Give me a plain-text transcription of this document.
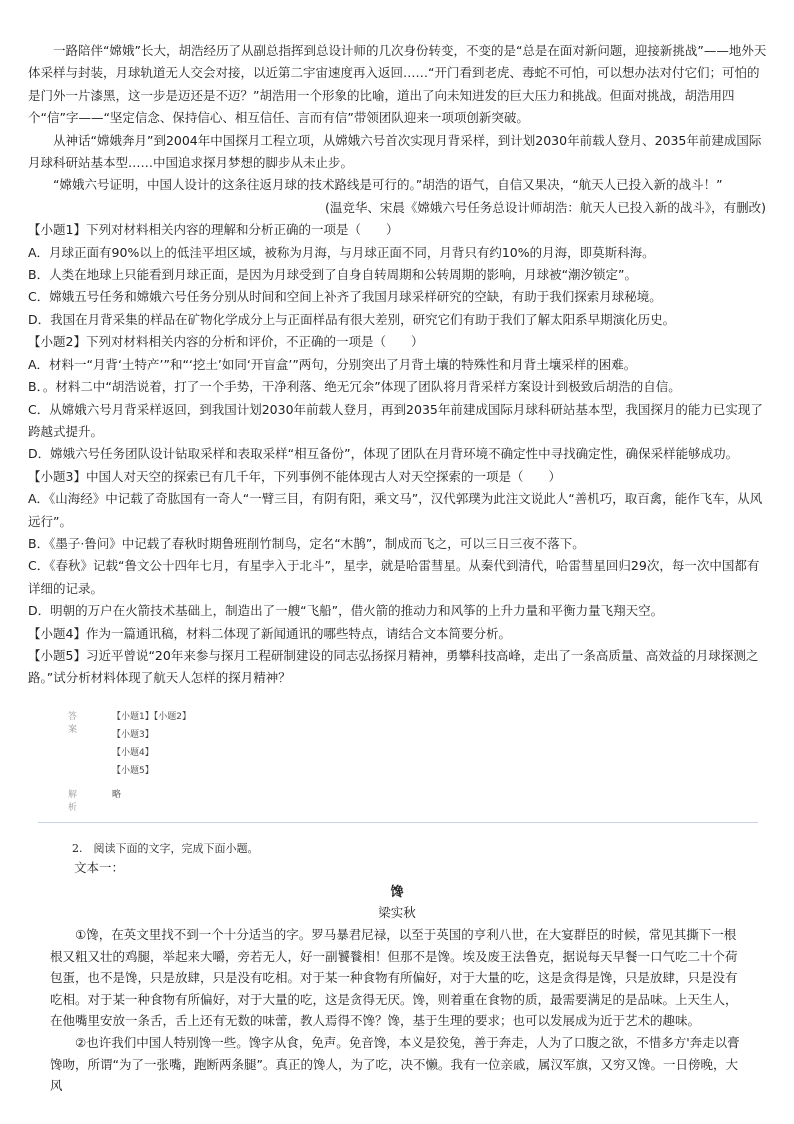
一路陪伴“嫦娥”长大，胡浩经历了从副总指挥到总设计师的几次身份转变，不变的是“总是在面对新问题，迎接新挑战”——地外天体采样与封装，月球轨道无人交会对接，以近第二宇宙速度再入返回……“开门看到老虎、毒蛇不可怕，可以想办法对付它们；可怕的是门外一片漆黑，这一步是迈还是不迈？”胡浩用一个形象的比喻，道出了向未知进发的巨大压力和挑战。但面对挑战，胡浩用四个“信”字——“坚定信念、保持信心、相互信任、言而有信”带领团队迎来一项项创新突破。

从神话“嫦娥奔月”到2004年中国探月工程立项，从嫦娥六号首次实现月背采样，到计划2030年前载人登月、2035年前建成国际月球科研站基本型……中国追求探月梦想的脚步从未止步。

“嫦娥六号证明，中国人设计的这条往返月球的技术路线是可行的。”胡浩的语气，自信又果决，“航天人已投入新的战斗！”

(温竞华、宋晨《嫦娥六号任务总设计师胡浩：航天人已投入新的战斗》，有删改)

【小题1】下列对材料相关内容的理解和分析正确的一项是（　　）

A．月球正面有90%以上的低洼平坦区域，被称为月海，与月球正面不同，月背只有约10%的月海，即莫斯科海。

B．人类在地球上只能看到月球正面，是因为月球受到了自身自转周期和公转周期的影响，月球被“潮汐锁定”。

C．嫦娥五号任务和嫦娥六号任务分别从时间和空间上补齐了我国月球采样研究的空缺，有助于我们探索月球秘境。

D．我国在月背采集的样品在矿物化学成分上与正面样品有很大差别，研究它们有助于我们了解太阳系早期演化历史。

【小题2】下列对材料相关内容的分析和评价，不正确的一项是（　　）

A．材料一“月背‘土特产’”和“‘挖土’如同‘开盲盒’”两句，分别突出了月背土壤的特殊性和月背土壤采样的困难。

B．。材料二中“胡浩说着，打了一个手势，干净利落、绝无冗余”体现了团队将月背采样方案设计到极致后胡浩的自信。

C．从嫦娥六号月背采样返回，到我国计划2030年前载人登月，再到2035年前建成国际月球科研站基本型，我国探月的能力已实现了跨越式提升。

D．嫦娥六号任务团队设计钻取采样和表取采样“相互备份”，体现了团队在月背环境不确定性中寻找确定性，确保采样能够成功。

【小题3】中国人对天空的探索已有几千年，下列事例不能体现古人对天空探索的一项是（　　）

A．《山海经》中记载了奇肱国有一奇人“一臂三目，有阴有阳，乘文马”，汉代郭璞为此注文说此人“善机巧，取百禽，能作飞车，从风远行”。

B．《墨子·鲁问》中记载了春秋时期鲁班削竹制鸟，定名“木鹊”，制成而飞之，可以三日三夜不落下。

C．《春秋》记载“鲁文公十四年七月，有星孛入于北斗”，星孛，就是哈雷彗星。从秦代到清代，哈雷彗星回归29次，每一次中国都有详细的记录。

D．明朝的万户在火箭技术基础上，制造出了一艘“飞船”，借火箭的推动力和风筝的上升力量和平衡力量飞翔天空。

【小题4】作为一篇通讯稿，材料二体现了新闻通讯的哪些特点，请结合文本简要分析。

【小题5】习近平曾说“20年来参与探月工程研制建设的同志弘扬探月精神，勇攀科技高峰，走出了一条高质量、高效益的月球探测之路。”试分析材料体现了航天人怎样的探月精神？

答案
【小题1】【小题2】
【小题3】
【小题4】
【小题5】
解析
略
2.　阅读下面的文字，完成下面小题。
文本一：
馋
梁实秋

①馋，在英文里找不到一个十分适当的字。罗马暴君尼禄，以至于英国的亨利八世，在大宴群臣的时候，常见其撕下一根根又粗又壮的鸡腿，举起来大嚼，旁若无人，好一副饕餮相！但那不是馋。埃及废王法鲁克，据说每天早餐一口气吃二十个荷包蛋，也不是馋，只是放肆，只是没有吃相。对于某一种食物有所偏好，对于大量的吃，这是贪得是馋，只是放肆，只是没有吃相。对于某一种食物有所偏好，对于大量的吃，这是贪得无厌。馋，则着重在食物的质，最需要满足的是品味。上天生人，在他嘴里安放一条舌，舌上还有无数的味蕾，教人焉得不馋？馋，基于生理的要求；也可以发展成为近于艺术的趣味。

②也许我们中国人特别馋一些。馋字从食，免声。免音馋，本义是狡兔，善于奔走，人为了口腹之欲，不惜多方'奔走以膏馋吻，所谓“为了一张嘴，跑断两条腿”。真正的馋人，为了吃，决不懒。我有一位亲戚，属汉军旗，又穷又馋。一日傍晚，大风
